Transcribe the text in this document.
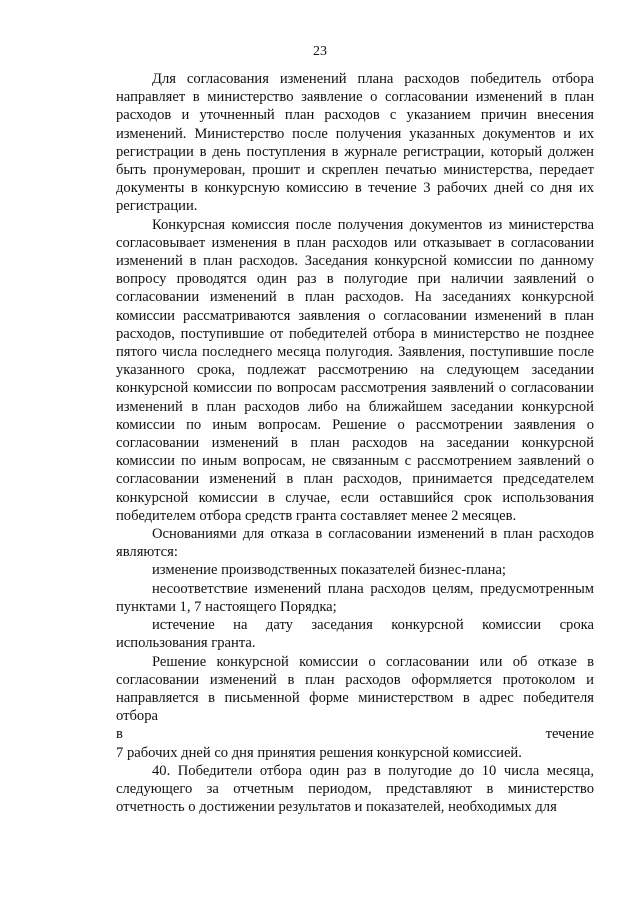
23

Для согласования изменений плана расходов победитель отбора направляет в министерство заявление о согласовании изменений в план расходов и уточненный план расходов с указанием причин внесения изменений. Министерство после получения указанных документов и их регистрации в день поступления в журнале регистрации, который должен быть пронумерован, прошит и скреплен печатью министерства, передает документы в конкурсную комиссию в течение 3 рабочих дней со дня их регистрации.

Конкурсная комиссия после получения документов из министерства согласовывает изменения в план расходов или отказывает в согласовании изменений в план расходов. Заседания конкурсной комиссии по данному вопросу проводятся один раз в полугодие при наличии заявлений о согласовании изменений в план расходов. На заседаниях конкурсной комиссии рассматриваются заявления о согласовании изменений в план расходов, поступившие от победителей отбора в министерство не позднее пятого числа последнего месяца полугодия. Заявления, поступившие после указанного срока, подлежат рассмотрению на следующем заседании конкурсной комиссии по вопросам рассмотрения заявлений о согласовании изменений в план расходов либо на ближайшем заседании конкурсной комиссии по иным вопросам. Решение о рассмотрении заявления о согласовании изменений в план расходов на заседании конкурсной комиссии по иным вопросам, не связанным с рассмотрением заявлений о согласовании изменений в план расходов, принимается председателем конкурсной комиссии в случае, если оставшийся срок использования победителем отбора средств гранта составляет менее 2 месяцев.

Основаниями для отказа в согласовании изменений в план расходов являются:

изменение производственных показателей бизнес-плана;

несоответствие изменений плана расходов целям, предусмотренным пунктами 1, 7 настоящего Порядка;

истечение на дату заседания конкурсной комиссии срока использования гранта.

Решение конкурсной комиссии о согласовании или об отказе в согласовании изменений в план расходов оформляется протоколом и направляется в письменной форме министерством в адрес победителя отбора

в	течение

7 рабочих дней со дня принятия решения конкурсной комиссией.

40. Победители отбора один раз в полугодие до 10 числа месяца, следующего за отчетным периодом, представляют в министерство отчетность о достижении результатов и показателей, необходимых для
